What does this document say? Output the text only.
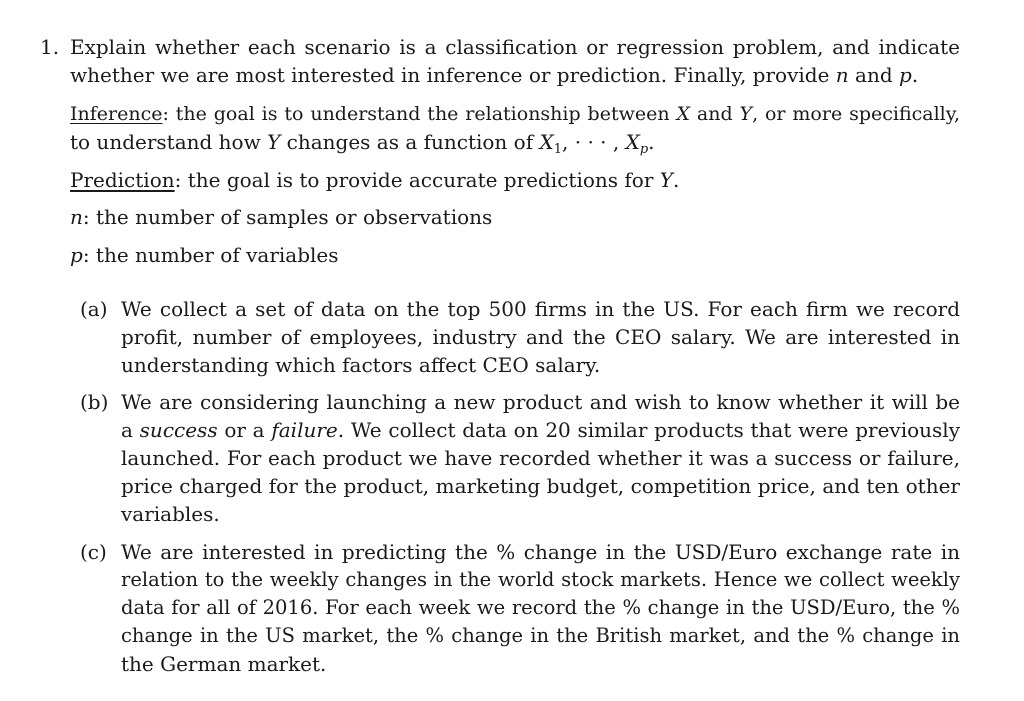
1. Explain whether each scenario is a classification or regression problem, and indicate
whether we are most interested in inference or prediction. Finally, provide n and p.
Inference: the goal is to understand the relationship between X and Y, or more specifically,
to understand how Y changes as a function of $X_1$, · · · , $X_p$.
Prediction: the goal is to provide accurate predictions for Y.
n: the number of samples or observations
p: the number of variables
(a) We collect a set of data on the top 500 firms in the US. For each firm we record
profit, number of employees, industry and the CEO salary. We are interested in
understanding which factors affect CEO salary.
(b) We are considering launching a new product and wish to know whether it will be
a success or a failure. We collect data on 20 similar products that were previously
launched. For each product we have recorded whether it was a success or failure,
price charged for the product, marketing budget, competition price, and ten other
variables.
(c) We are interested in predicting the % change in the USD/Euro exchange rate in
relation to the weekly changes in the world stock markets. Hence we collect weekly
data for all of 2016. For each week we record the % change in the USD/Euro, the %
change in the US market, the % change in the British market, and the % change in
the German market.
